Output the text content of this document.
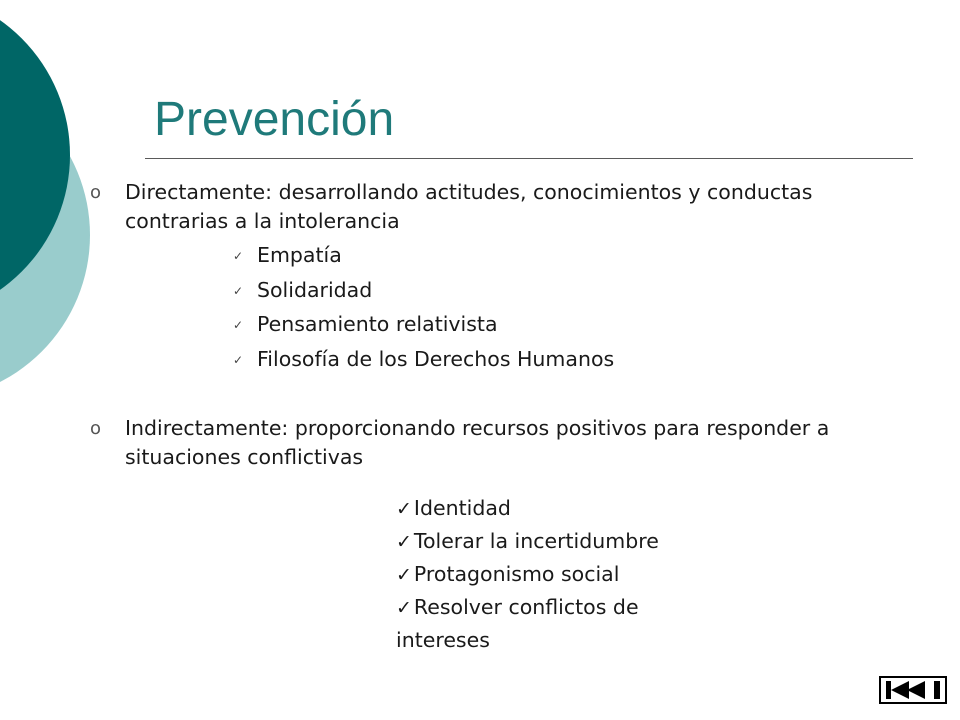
Prevención
o	Directamente: desarrollando actitudes, conocimientos y conductas contrarias a la intolerancia
✓ Empatía
✓ Solidaridad
✓ Pensamiento relativista
✓ Filosofía de los Derechos Humanos
o	Indirectamente: proporcionando recursos positivos para responder a situaciones conflictivas
✓Identidad
✓Tolerar la incertidumbre
✓Protagonismo social
✓Resolver conflictos de intereses
